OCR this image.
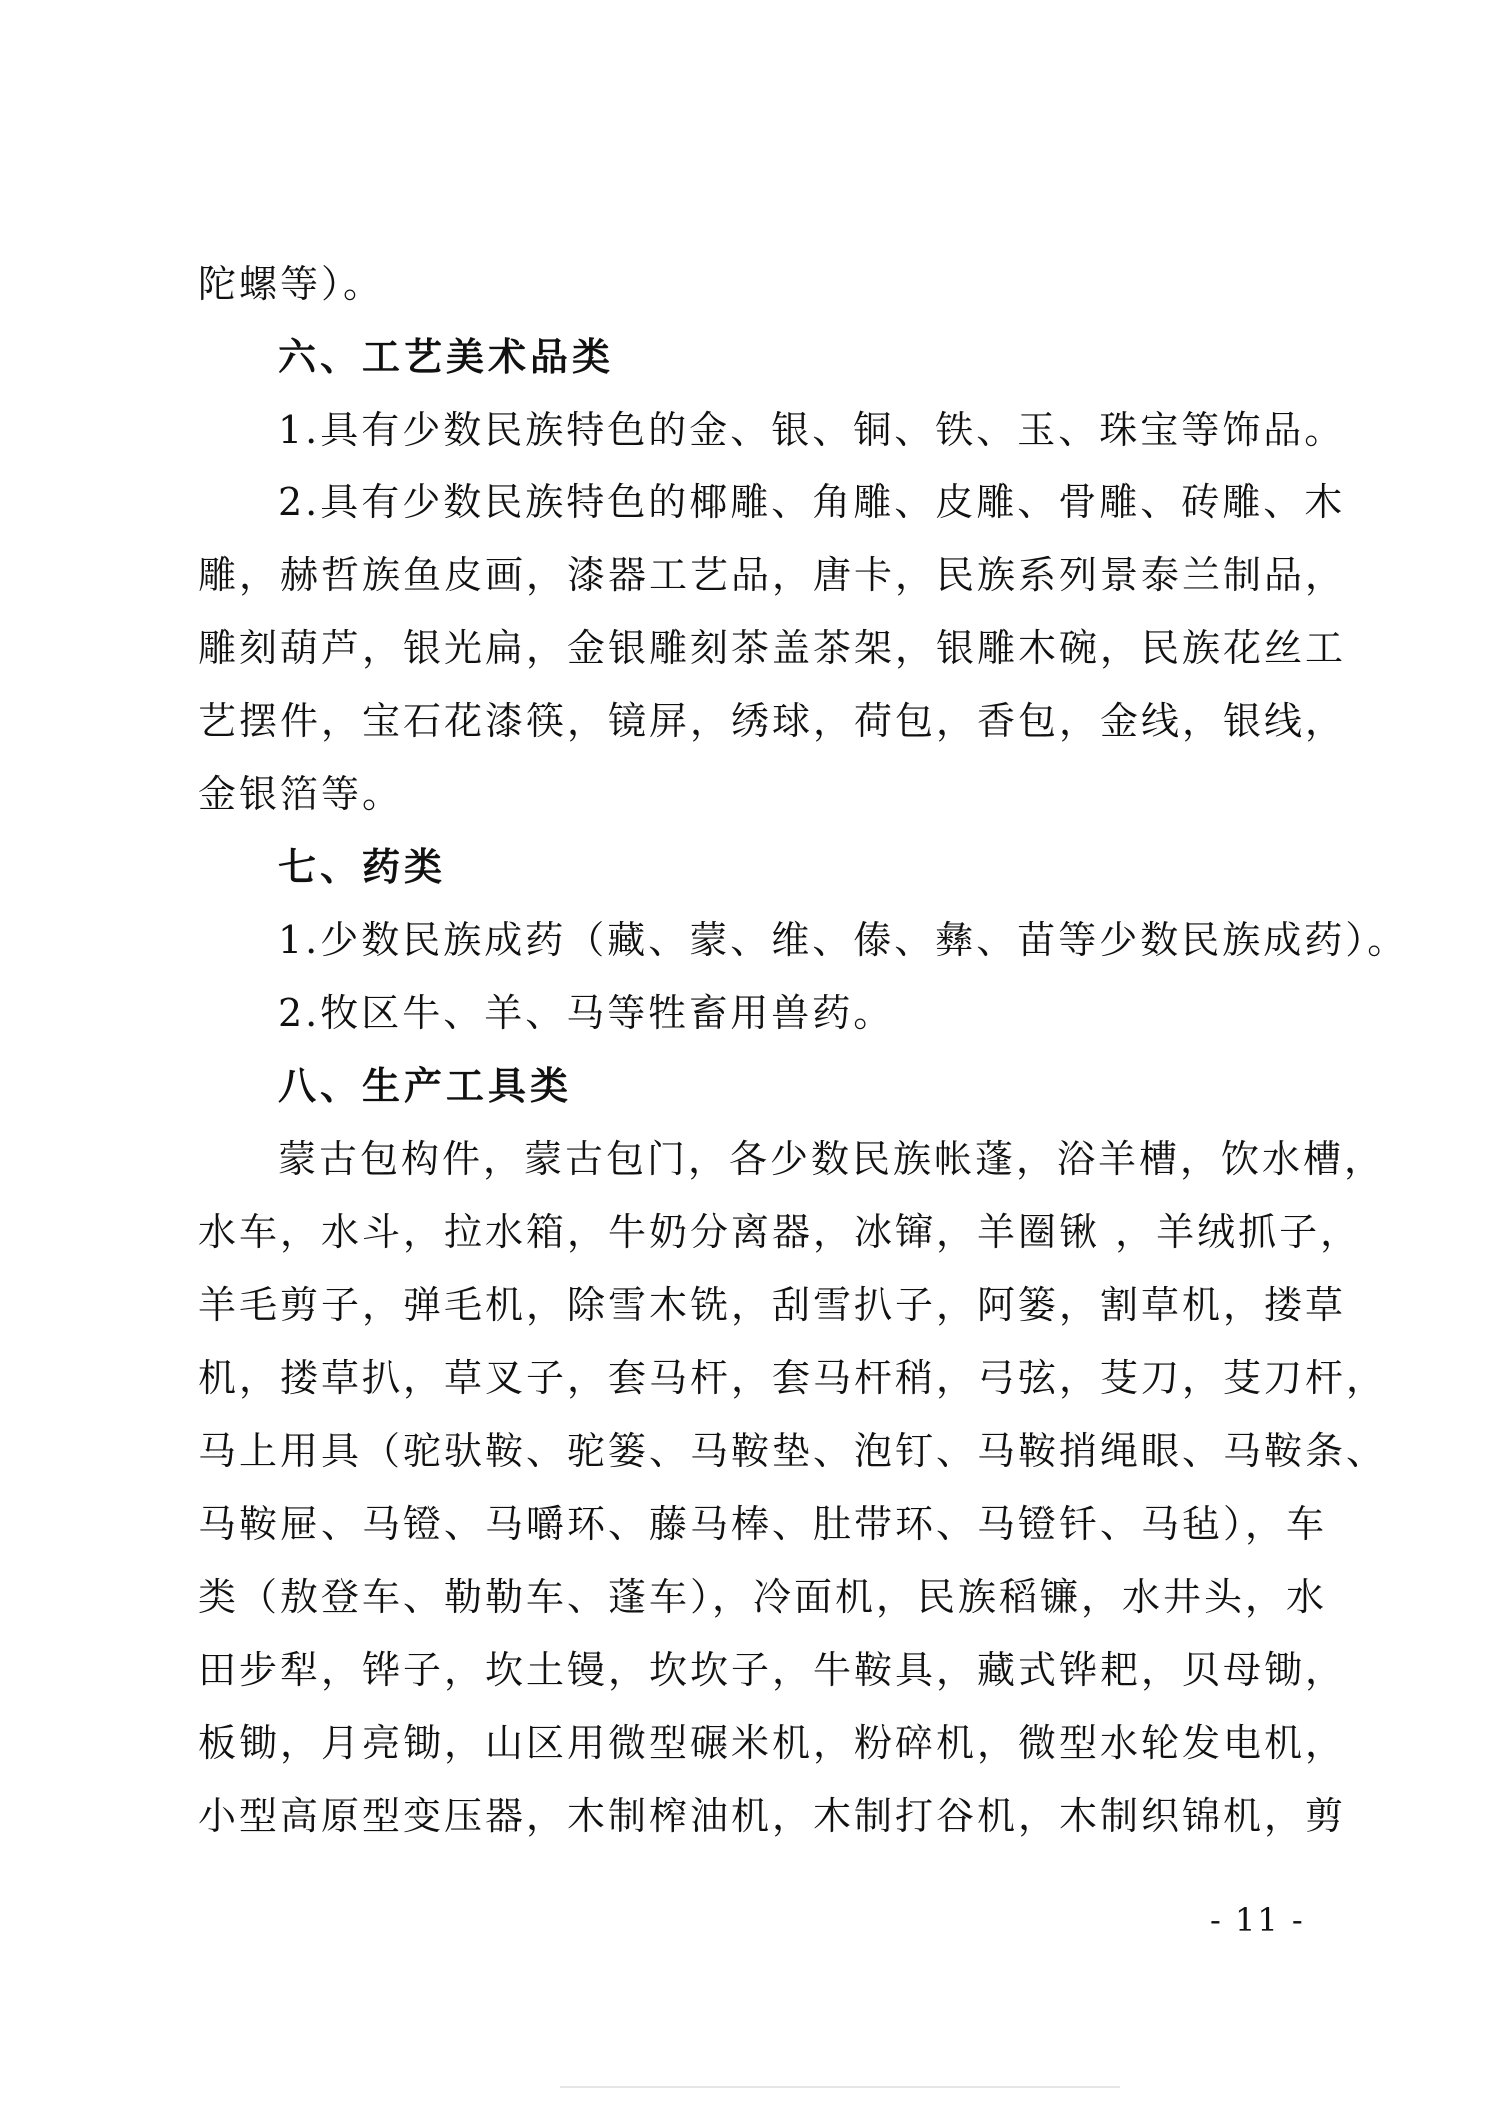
陀螺等）。
六、工艺美术品类
1.具有少数民族特色的金、银、铜、铁、玉、珠宝等饰品。
2.具有少数民族特色的椰雕、角雕、皮雕、骨雕、砖雕、木
雕，赫哲族鱼皮画，漆器工艺品，唐卡，民族系列景泰兰制品，
雕刻葫芦，银光扁，金银雕刻茶盖茶架，银雕木碗，民族花丝工
艺摆件，宝石花漆筷，镜屏，绣球，荷包，香包，金线，银线，
金银箔等。
七、药类
1.少数民族成药（藏、蒙、维、傣、彝、苗等少数民族成药）。
2.牧区牛、羊、马等牲畜用兽药。
八、生产工具类
蒙古包构件，蒙古包门，各少数民族帐蓬，浴羊槽，饮水槽，
水车，水斗，拉水箱，牛奶分离器，冰镩，羊圈锹 ，羊绒抓子，
羊毛剪子，弹毛机，除雪木铣，刮雪扒子，阿篓，割草机，搂草
机，搂草扒，草叉子，套马杆，套马杆稍，弓弦，芟刀，芟刀杆，
马上用具（驼驮鞍、驼篓、马鞍垫、泡钉、马鞍捎绳眼、马鞍条、
马鞍屉、马镫、马嚼环、藤马棒、肚带环、马镫钎、马毡），车
类（敖登车、勒勒车、蓬车），冷面机，民族稻镰，水井头，水
田步犁，铧子，坎土镘，坎坎子，牛鞍具，藏式铧耙，贝母锄，
板锄，月亮锄，山区用微型碾米机，粉碎机，微型水轮发电机，
小型高原型变压器，木制榨油机，木制打谷机，木制织锦机，剪
- 11 -
